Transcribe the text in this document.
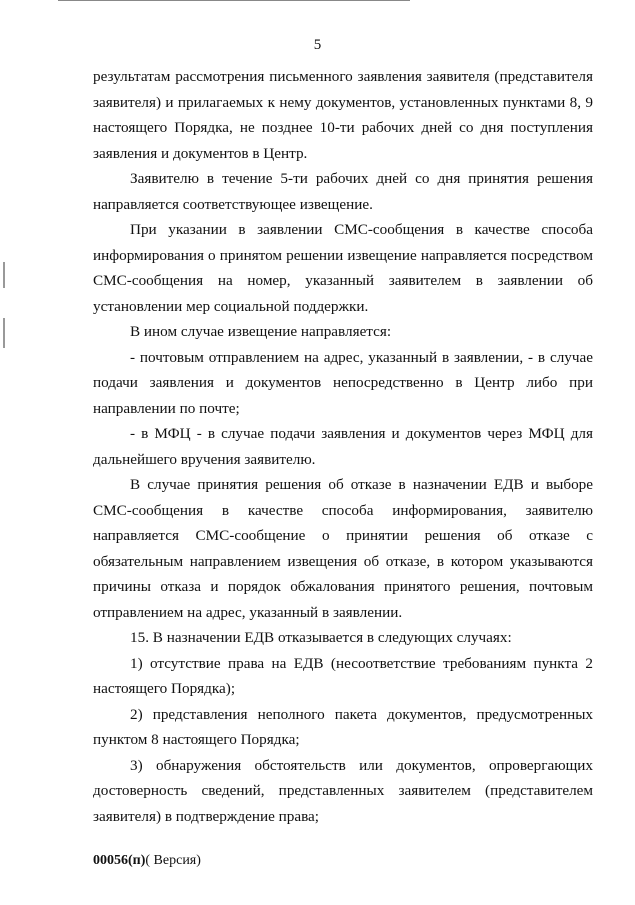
5

результатам рассмотрения письменного заявления заявителя (представителя заявителя) и прилагаемых к нему документов, установленных пунктами 8, 9 настоящего Порядка, не позднее 10-ти рабочих дней со дня поступления заявления и документов в Центр.

Заявителю в течение 5-ти рабочих дней со дня принятия решения направляется соответствующее извещение.

При указании в заявлении СМС-сообщения в качестве способа информирования о принятом решении извещение направляется посредством СМС-сообщения на номер, указанный заявителем в заявлении об установлении мер социальной поддержки.

В ином случае извещение направляется:

- почтовым отправлением на адрес, указанный в заявлении, - в случае подачи заявления и документов непосредственно в Центр либо при направлении по почте;

- в МФЦ - в случае подачи заявления и документов через МФЦ для дальнейшего вручения заявителю.

В случае принятия решения об отказе в назначении ЕДВ и выборе СМС-сообщения в качестве способа информирования, заявителю направляется СМС-сообщение о принятии решения об отказе с обязательным направлением извещения об отказе, в котором указываются причины отказа и порядок обжалования принятого решения, почтовым отправлением на адрес, указанный в заявлении.

15. В назначении ЕДВ отказывается в следующих случаях:

1) отсутствие права на ЕДВ (несоответствие требованиям пункта 2 настоящего Порядка);

2) представления неполного пакета документов, предусмотренных пунктом 8 настоящего Порядка;

3) обнаружения обстоятельств или документов, опровергающих достоверность сведений, представленных заявителем (представителем заявителя) в подтверждение права;

00056(п)( Версия)
